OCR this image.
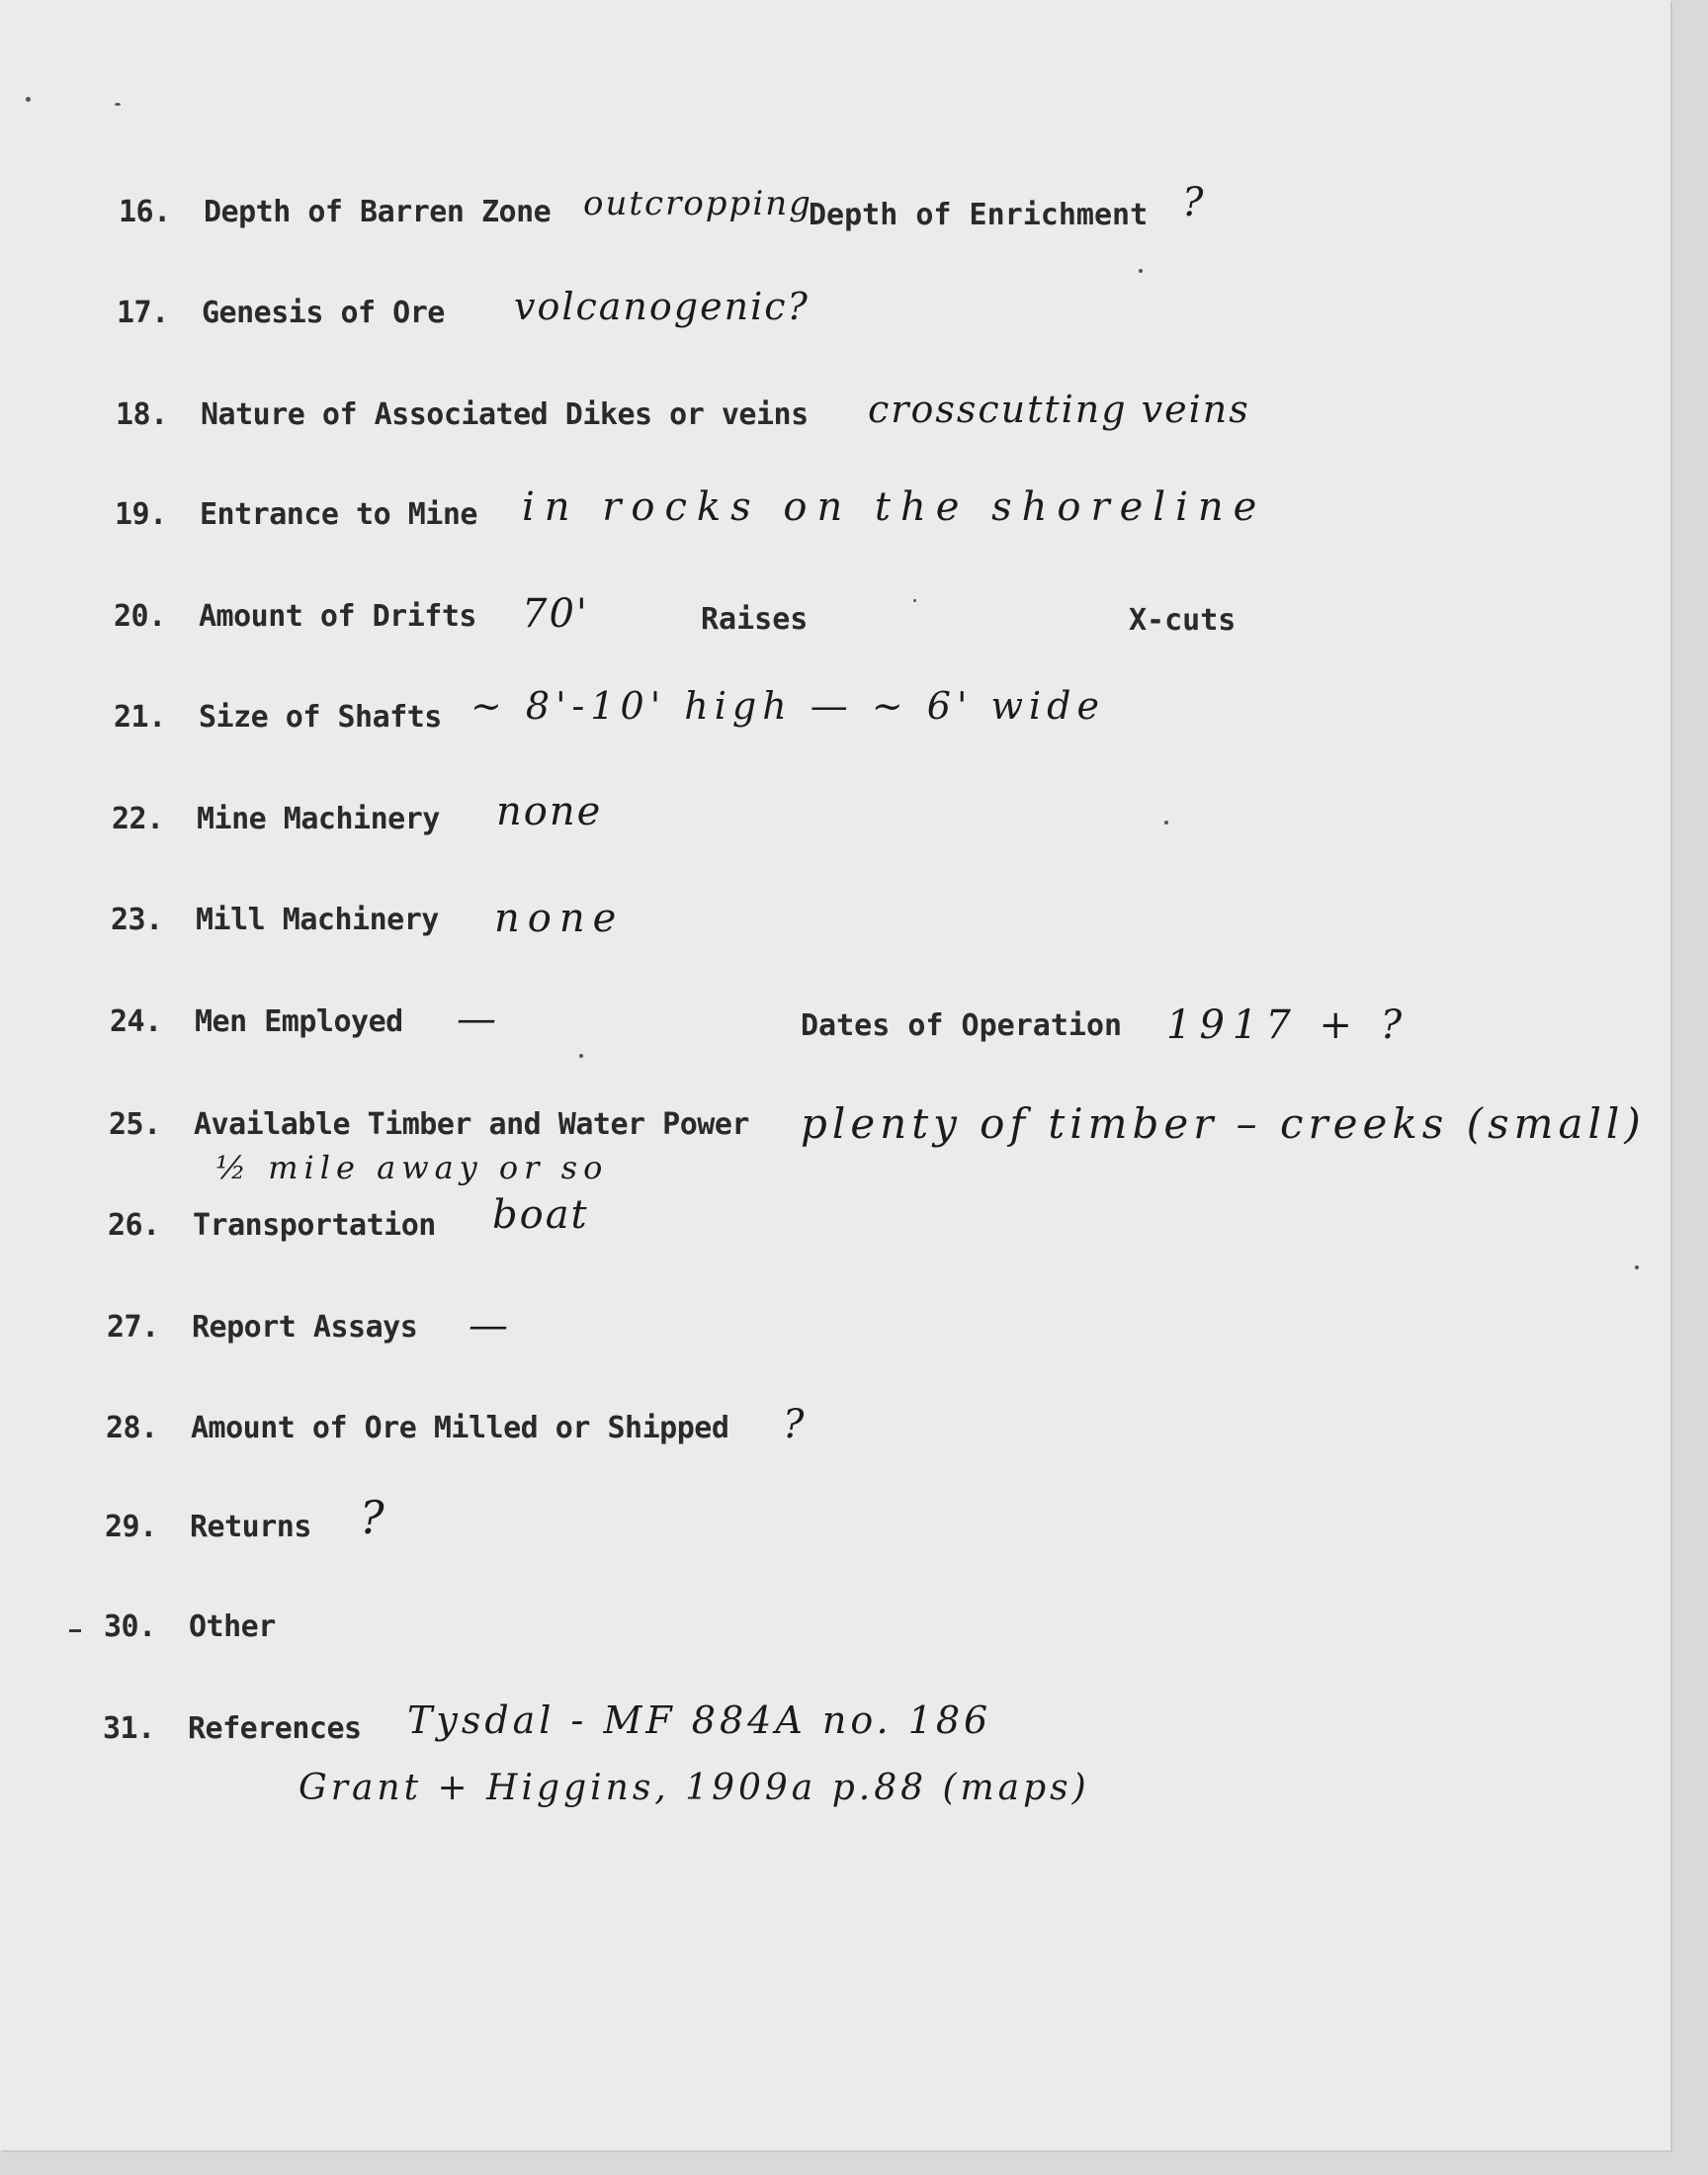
16. Depth of Barren Zone outcropping
Depth of Enrichment ?
17. Genesis of Ore volcanogenic?
18. Nature of Associated Dikes or veins crosscutting veins
19. Entrance to Mine in rocks on the shoreline
20. Amount of Drifts 70'	Raises	X-cuts
21. Size of Shafts ~ 8'-10' high — ~ 6' wide
22. Mine Machinery none
23. Mill Machinery none
24. Men Employed —	Dates of Operation 1917 + ?
25. Available Timber and Water Power plenty of timber – creeks (small)
½ mile away or so
26. Transportation boat
27. Report Assays —
28. Amount of Ore Milled or Shipped ?
29. Returns ?
30. Other
31. References Tysdal - MF 884A no. 186
Grant + Higgins, 1909a p.88 (maps)
